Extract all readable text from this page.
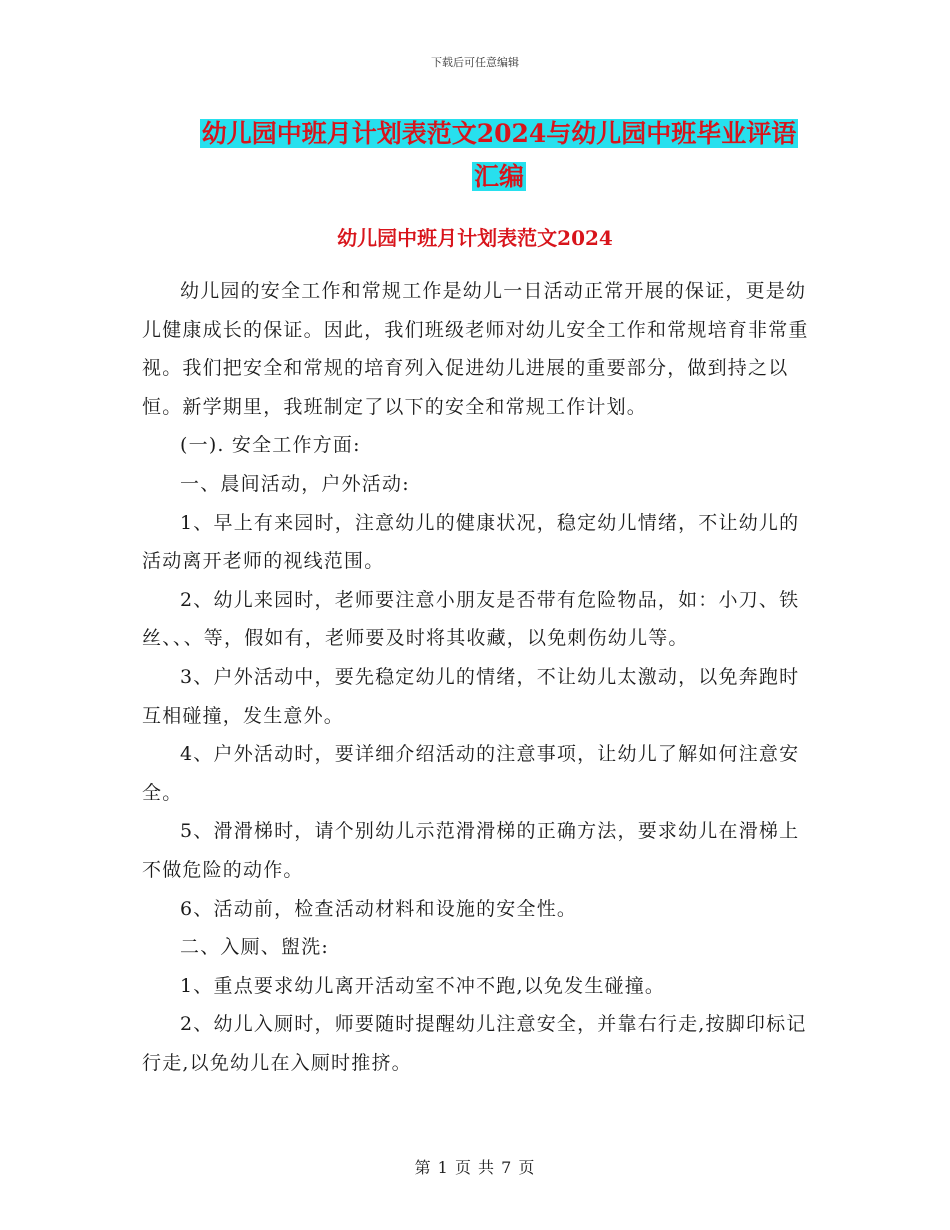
下载后可任意编辑
幼儿园中班月计划表范文2024与幼儿园中班毕业评语
汇编
幼儿园中班月计划表范文2024

幼儿园的安全工作和常规工作是幼儿一日活动正常开展的保证，更是幼儿健康成长的保证。因此，我们班级老师对幼儿安全工作和常规培育非常重视。我们把安全和常规的培育列入促进幼儿进展的重要部分，做到持之以恒。新学期里，我班制定了以下的安全和常规工作计划。

(一). 安全工作方面:

一、晨间活动，户外活动:

1、早上有来园时，注意幼儿的健康状况，稳定幼儿情绪，不让幼儿的活动离开老师的视线范围。

2、幼儿来园时，老师要注意小朋友是否带有危险物品，如：小刀、铁丝、、、等，假如有，老师要及时将其收藏，以免刺伤幼儿等。

3、户外活动中，要先稳定幼儿的情绪，不让幼儿太激动，以免奔跑时互相碰撞，发生意外。

4、户外活动时，要详细介绍活动的注意事项，让幼儿了解如何注意安全。

5、滑滑梯时，请个别幼儿示范滑滑梯的正确方法，要求幼儿在滑梯上不做危险的动作。

6、活动前，检查活动材料和设施的安全性。

二、入厕、盥洗:

1、重点要求幼儿离开活动室不冲不跑,以免发生碰撞。

2、幼儿入厕时，师要随时提醒幼儿注意安全，并靠右行走,按脚印标记行走,以免幼儿在入厕时推挤。

第 1 页 共 7 页
